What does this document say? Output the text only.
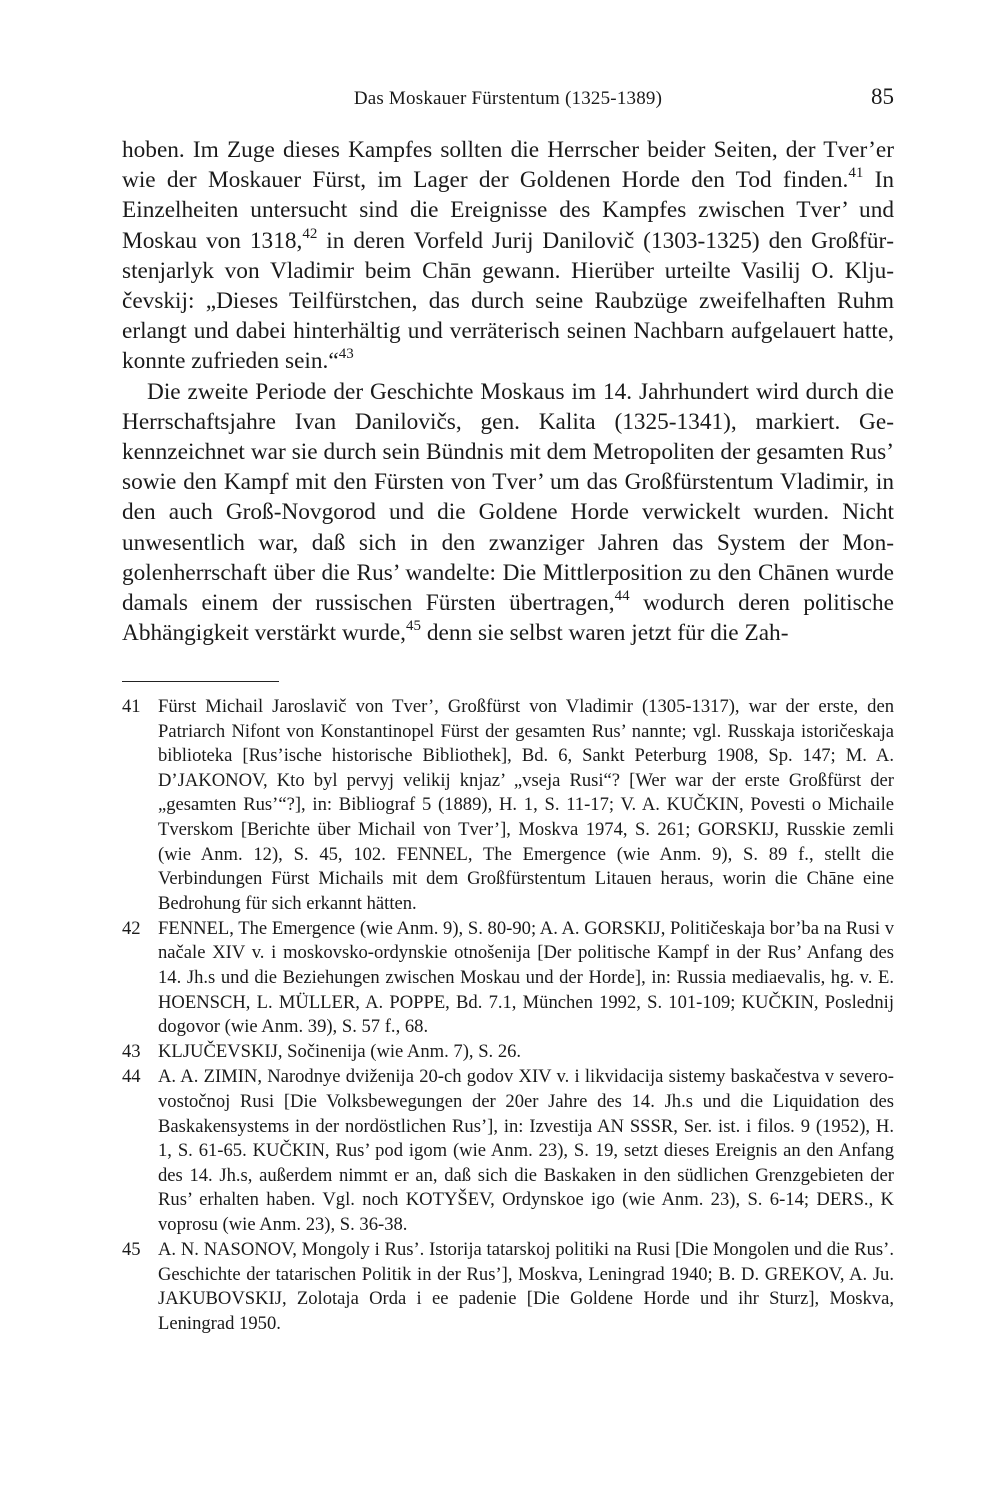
Das Moskauer Fürstentum (1325-1389)	85

hoben. Im Zuge dieses Kampfes sollten die Herrscher beider Seiten, der Tver’er wie der Moskauer Fürst, im Lager der Goldenen Horde den Tod finden.$^{41}$ In Einzelheiten untersucht sind die Ereignisse des Kampfes zwischen Tver’ und Moskau von 1318,42 in deren Vorfeld Jurij Danilovič (1303-1325) den Großfürstenjarlyk von Vladimir beim Chān gewann. Hierüber urteilte Vasilij O. Ključevskij: „Dieses Teilfürstchen, das durch seine Raubzüge zweifelhaften Ruhm erlangt und dabei hinterhältig und verräterisch seinen Nachbarn aufgelauert hatte, konnte zufrieden sein.“$^{43}$

Die zweite Periode der Geschichte Moskaus im 14. Jahrhundert wird durch die Herrschaftsjahre Ivan Danilovičs, gen. Kalita (1325-1341), markiert. Gekennzeichnet war sie durch sein Bündnis mit dem Metropoliten der gesamten Rus’ sowie den Kampf mit den Fürsten von Tver’ um das Großfürstentum Vladimir, in den auch Groß-Novgorod und die Goldene Horde verwickelt wurden. Nicht unwesentlich war, daß sich in den zwanziger Jahren das System der Mongolenherrschaft über die Rus’ wandelte: Die Mittlerposition zu den Chānen wurde damals einem der russischen Fürsten übertragen,$^{44}$ wodurch deren politische Abhängigkeit verstärkt wurde,$^{45}$ denn sie selbst waren jetzt für die Zah-

41 Fürst Michail Jaroslavič von Tver’, Großfürst von Vladimir (1305-1317), war der erste, den Patriarch Nifont von Konstantinopel Fürst der gesamten Rus’ nannte; vgl. Russkaja istoričeskaja biblioteka [Rus’ische historische Bibliothek], Bd. 6, Sankt Peterburg 1908, Sp. 147; M. A. D’JAKONOV, Kto byl pervyj velikij knjaz’ „vseja Rusi“? [Wer war der erste Großfürst der „gesamten Rus’“?], in: Bibliograf 5 (1889), H. 1, S. 11-17; V. A. KUČKIN, Povesti o Michaile Tverskom [Berichte über Michail von Tver’], Moskva 1974, S. 261; GORSKIJ, Russkie zemli (wie Anm. 12), S. 45, 102. FENNEL, The Emergence (wie Anm. 9), S. 89 f., stellt die Verbindungen Fürst Michails mit dem Großfürstentum Litauen heraus, worin die Chāne eine Bedrohung für sich erkannt hätten.
42 FENNEL, The Emergence (wie Anm. 9), S. 80-90; A. A. GORSKIJ, Političeskaja bor’ba na Rusi v načale XIV v. i moskovsko-ordynskie otnošenija [Der politische Kampf in der Rus’ Anfang des 14. Jh.s und die Beziehungen zwischen Moskau und der Horde], in: Russia mediaevalis, hg. v. E. HOENSCH, L. MÜLLER, A. POPPE, Bd. 7.1, München 1992, S. 101-109; KUČKIN, Poslednij dogovor (wie Anm. 39), S. 57 f., 68.
43 KLJUČEVSKIJ, Sočinenija (wie Anm. 7), S. 26.
44 A. A. ZIMIN, Narodnye dviženija 20-ch godov XIV v. i likvidacija sistemy baskačestva v severo-vostočnoj Rusi [Die Volksbewegungen der 20er Jahre des 14. Jh.s und die Liquidation des Baskakensystems in der nordöstlichen Rus’], in: Izvestija AN SSSR, Ser. ist. i filos. 9 (1952), H. 1, S. 61-65. KUČKIN, Rus’ pod igom (wie Anm. 23), S. 19, setzt dieses Ereignis an den Anfang des 14. Jh.s, außerdem nimmt er an, daß sich die Baskaken in den südlichen Grenzgebieten der Rus’ erhalten haben. Vgl. noch KOTYŠEV, Ordynskoe igo (wie Anm. 23), S. 6-14; DERS., K voprosu (wie Anm. 23), S. 36-38.
45 A. N. NASONOV, Mongoly i Rus’. Istorija tatarskoj politiki na Rusi [Die Mongolen und die Rus’. Geschichte der tatarischen Politik in der Rus’], Moskva, Leningrad 1940; B. D. GREKOV, A. Ju. JAKUBOVSKIJ, Zolotaja Orda i ee padenie [Die Goldene Horde und ihr Sturz], Moskva, Leningrad 1950.
